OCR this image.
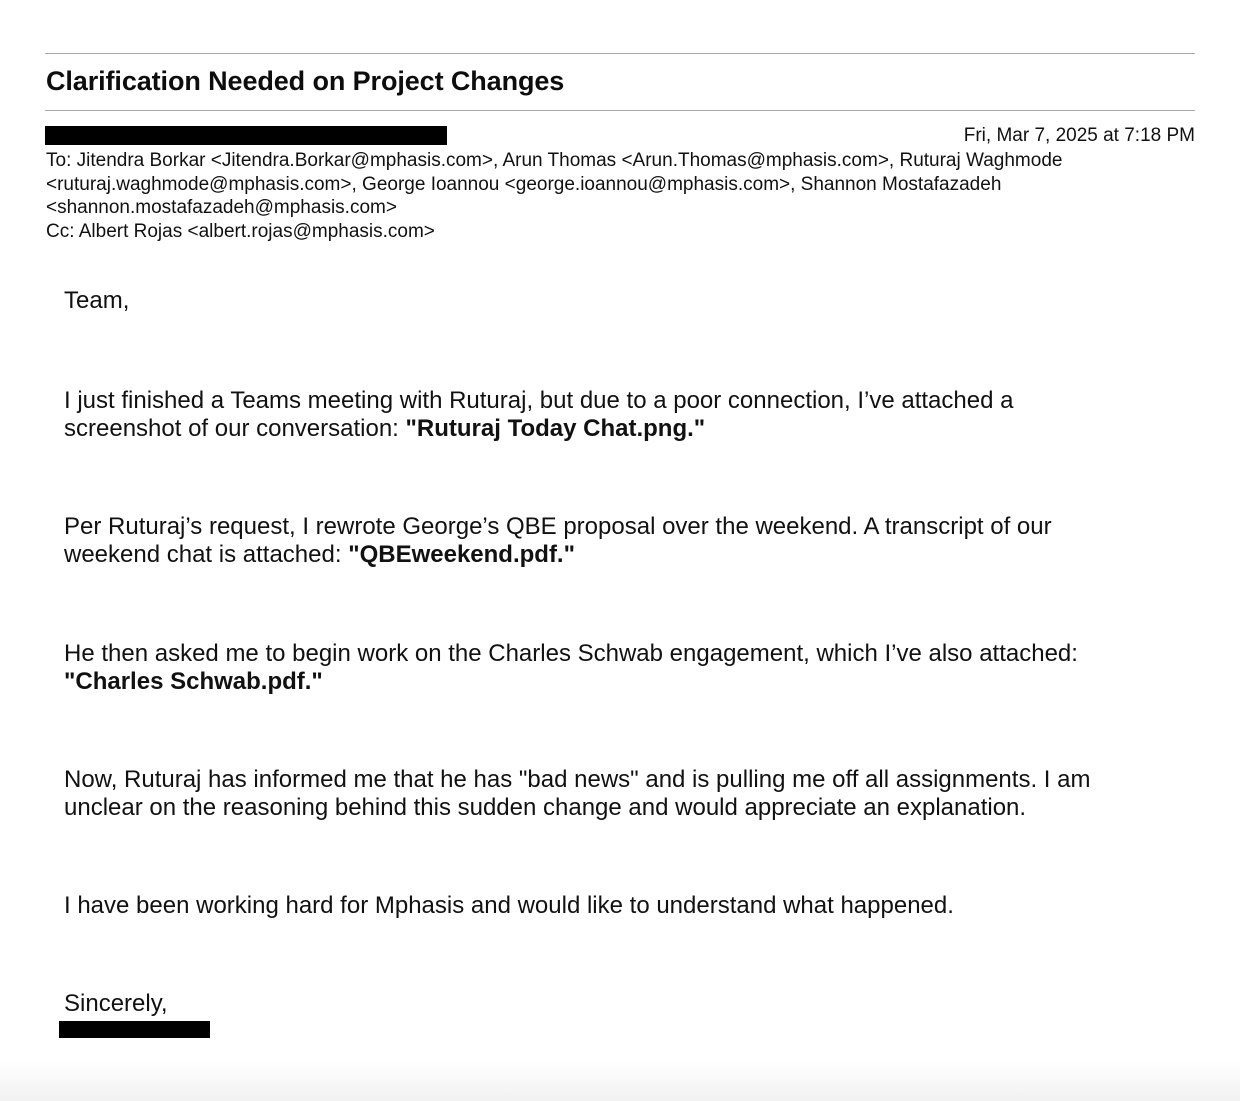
Clarification Needed on Project Changes
Fri, Mar 7, 2025 at 7:18 PM
To: Jitendra Borkar <Jitendra.Borkar@mphasis.com>, Arun Thomas <Arun.Thomas@mphasis.com>, Ruturaj Waghmode
<ruturaj.waghmode@mphasis.com>, George Ioannou <george.ioannou@mphasis.com>, Shannon Mostafazadeh
<shannon.mostafazadeh@mphasis.com>
Cc: Albert Rojas <albert.rojas@mphasis.com>
Team,
I just finished a Teams meeting with Ruturaj, but due to a poor connection, I’ve attached a
screenshot of our conversation: "Ruturaj Today Chat.png."
Per Ruturaj’s request, I rewrote George’s QBE proposal over the weekend. A transcript of our
weekend chat is attached: "QBEweekend.pdf."
He then asked me to begin work on the Charles Schwab engagement, which I’ve also attached:
"Charles Schwab.pdf."
Now, Ruturaj has informed me that he has "bad news" and is pulling me off all assignments. I am
unclear on the reasoning behind this sudden change and would appreciate an explanation.
I have been working hard for Mphasis and would like to understand what happened.
Sincerely,
